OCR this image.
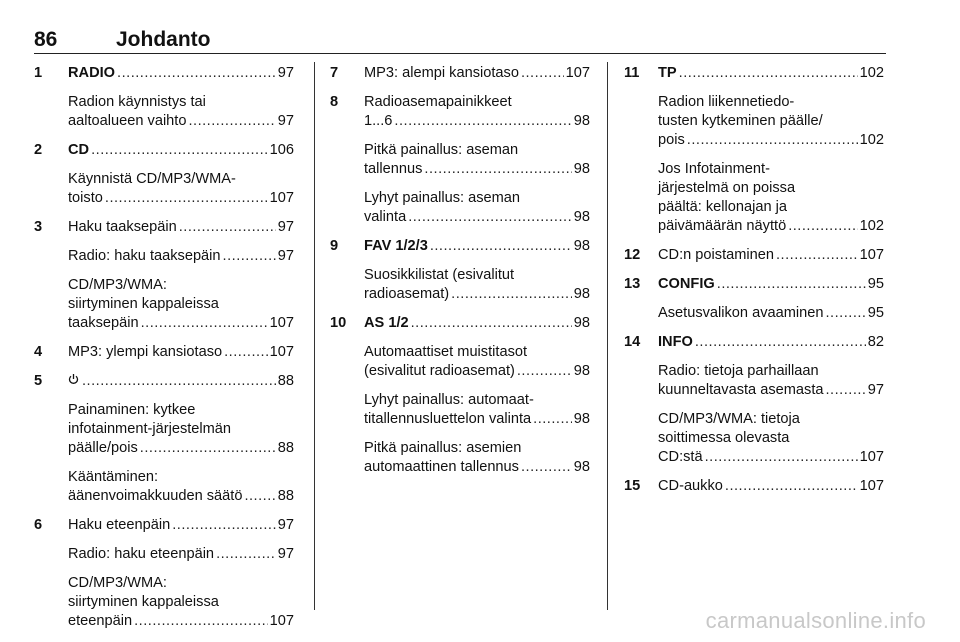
86	Johdanto
1 RADIO .....	97
Radion käynnistys tai
aaltoalueen vaihto .....	97
2 CD .....	106
Käynnistä CD/MP3/WMA-
toisto .....	107
3 Haku taaksepäin .....	97
Radio: haku taaksepäin .....	97
CD/MP3/WMA:
siirtyminen kappaleissa
taaksepäin .....	107
4 MP3: ylempi kansiotaso .....	107
5 .....	88
Painaminen: kytkee
infotainment-järjestelmän
päälle/pois .....	88
Kääntäminen:
äänenvoimakkuuden säätö ..... 88
6 Haku eteenpäin .....	97
Radio: haku eteenpäin .....	97
CD/MP3/WMA:
siirtyminen kappaleissa
eteenpäin .....	107
7 MP3: alempi kansiotaso .....	107
8 Radioasemapainikkeet
1...6 .....	98
Pitkä painallus: aseman
tallennus .....	98
Lyhyt painallus: aseman
valinta .....	98
9 FAV 1/2/3 .....	98
Suosikkilistat (esivalitut
radioasemat) .....	98
10 AS 1/2 .....	98
Automaattiset muistitasot
(esivalitut radioasemat) .....	98
Lyhyt painallus: automaat-
titallennusluettelon valinta .....	98
Pitkä painallus: asemien
automaattinen tallennus .....	98
11 TP .....	102
Radion liikennetiedo-
tusten kytkeminen päälle/
pois .....	102
Jos Infotainment-
järjestelmä on poissa
päältä: kellonajan ja
päivämäärän näyttö .....	102
12 CD:n poistaminen .....	107
13 CONFIG .....	95
Asetusvalikon avaaminen .....	95
14 INFO .....	82
Radio: tietoja parhaillaan
kuunneltavasta asemasta .....	97
CD/MP3/WMA: tietoja
soittimessa olevasta
CD:stä .....	107
15 CD-aukko .....	107
carmanualsonline.info
